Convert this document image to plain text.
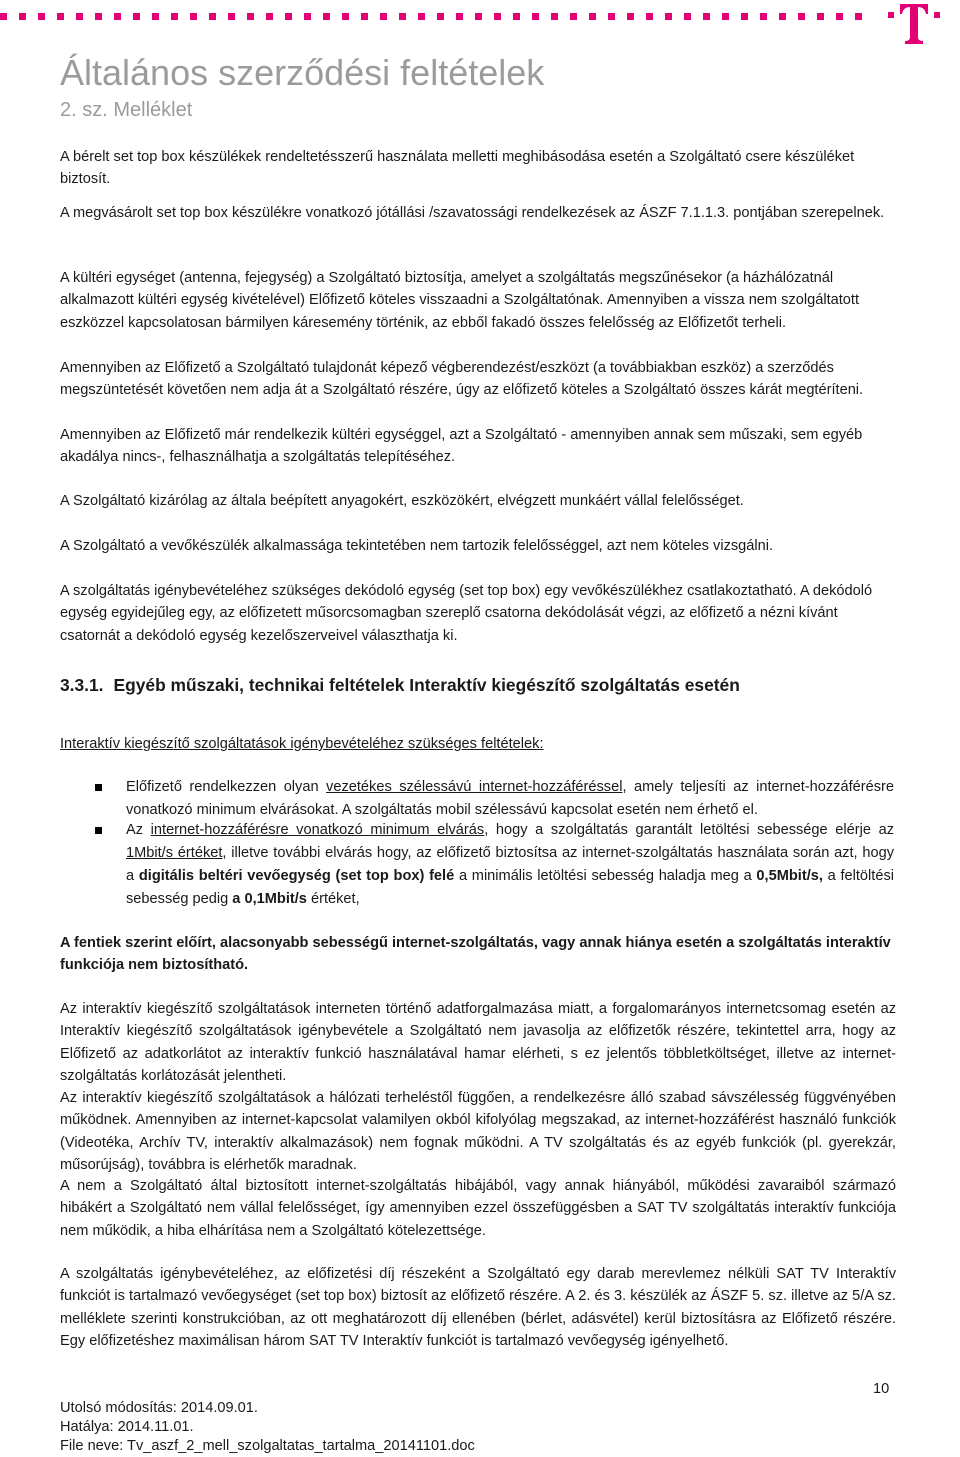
Általános szerződési feltételek
2. sz. Melléklet

A bérelt set top box készülékek rendeltetésszerű használata melletti meghibásodása esetén a Szolgáltató csere készüléket biztosít.

A megvásárolt set top box készülékre vonatkozó jótállási /szavatossági rendelkezések az ÁSZF 7.1.1.3. pontjában szerepelnek.

A kültéri egységet (antenna, fejegység) a Szolgáltató biztosítja, amelyet a szolgáltatás megszűnésekor (a házhálózatnál alkalmazott kültéri egység kivételével) Előfizető köteles visszaadni a Szolgáltatónak. Amennyiben a vissza nem szolgáltatott eszközzel kapcsolatosan bármilyen káresemény történik, az ebből fakadó összes felelősség az Előfizetőt terheli.

Amennyiben az Előfizető a Szolgáltató tulajdonát képező végberendezést/eszközt (a továbbiakban eszköz) a szerződés megszüntetését követően nem adja át a Szolgáltató részére, úgy az előfizető köteles a Szolgáltató összes kárát megtéríteni.

Amennyiben az Előfizető már rendelkezik kültéri egységgel, azt a Szolgáltató - amennyiben annak sem műszaki, sem egyéb akadálya nincs-, felhasználhatja a szolgáltatás telepítéséhez.

A Szolgáltató kizárólag az általa beépített anyagokért, eszközökért, elvégzett munkáért vállal felelősséget.

A Szolgáltató a vevőkészülék alkalmassága tekintetében nem tartozik felelősséggel, azt nem köteles vizsgálni.

A szolgáltatás igénybevételéhez szükséges dekódoló egység (set top box) egy vevőkészülékhez csatlakoztatható. A dekódoló egység egyidejűleg egy, az előfizetett műsorcsomagban szereplő csatorna dekódolását végzi, az előfizető a nézni kívánt csatornát a dekódoló egység kezelőszerveivel választhatja ki.

3.3.1. Egyéb műszaki, technikai feltételek Interaktív kiegészítő szolgáltatás esetén
Interaktív kiegészítő szolgáltatások igénybevételéhez szükséges feltételek:

Előfizető rendelkezzen olyan vezetékes szélessávú internet-hozzáféréssel, amely teljesíti az internet-hozzáférésre vonatkozó minimum elvárásokat. A szolgáltatás mobil szélessávú kapcsolat esetén nem érhető el.

Az internet-hozzáférésre vonatkozó minimum elvárás, hogy a szolgáltatás garantált letöltési sebessége elérje az 1Mbit/s értéket, illetve további elvárás hogy, az előfizető biztosítsa az internet-szolgáltatás használata során azt, hogy a digitális beltéri vevőegység (set top box) felé a minimális letöltési sebesség haladja meg a 0,5Mbit/s, a feltöltési sebesség pedig a 0,1Mbit/s értéket,

A fentiek szerint előírt, alacsonyabb sebességű internet-szolgáltatás, vagy annak hiánya esetén a szolgáltatás interaktív funkciója nem biztosítható.

Az interaktív kiegészítő szolgáltatások interneten történő adatforgalmazása miatt, a forgalomarányos internetcsomag esetén az Interaktív kiegészítő szolgáltatások igénybevétele a Szolgáltató nem javasolja az előfizetők részére, tekintettel arra, hogy az Előfizető az adatkorlátot az interaktív funkció használatával hamar elérheti, s ez jelentős többletköltséget, illetve az internet-szolgáltatás korlátozását jelentheti.

Az interaktív kiegészítő szolgáltatások a hálózati terheléstől függően, a rendelkezésre álló szabad sávszélesség függvényében működnek. Amennyiben az internet-kapcsolat valamilyen okból kifolyólag megszakad, az internet-hozzáférést használó funkciók (Videotéka, Archív TV, interaktív alkalmazások) nem fognak működni. A TV szolgáltatás és az egyéb funkciók (pl. gyerekzár, műsorújság), továbbra is elérhetők maradnak.

A nem a Szolgáltató által biztosított internet-szolgáltatás hibájából, vagy annak hiányából, működési zavaraiból származó hibákért a Szolgáltató nem vállal felelősséget, így amennyiben ezzel összefüggésben a SAT TV szolgáltatás interaktív funkciója nem működik, a hiba elhárítása nem a Szolgáltató kötelezettsége.

A szolgáltatás igénybevételéhez, az előfizetési díj részeként a Szolgáltató egy darab merevlemez nélküli SAT TV Interaktív funkciót is tartalmazó vevőegységet (set top box) biztosít az előfizető részére. A 2. és 3. készülék az ÁSZF 5. sz. illetve az 5/A sz. melléklete szerinti konstrukcióban, az ott meghatározott díj ellenében (bérlet, adásvétel) kerül biztosításra az Előfizető részére. Egy előfizetéshez maximálisan három SAT TV Interaktív funkciót is tartalmazó vevőegység igényelhető.

10
Utolsó módosítás: 2014.09.01.
Hatálya: 2014.11.01.
File neve: Tv_aszf_2_mell_szolgaltatas_tartalma_20141101.doc
